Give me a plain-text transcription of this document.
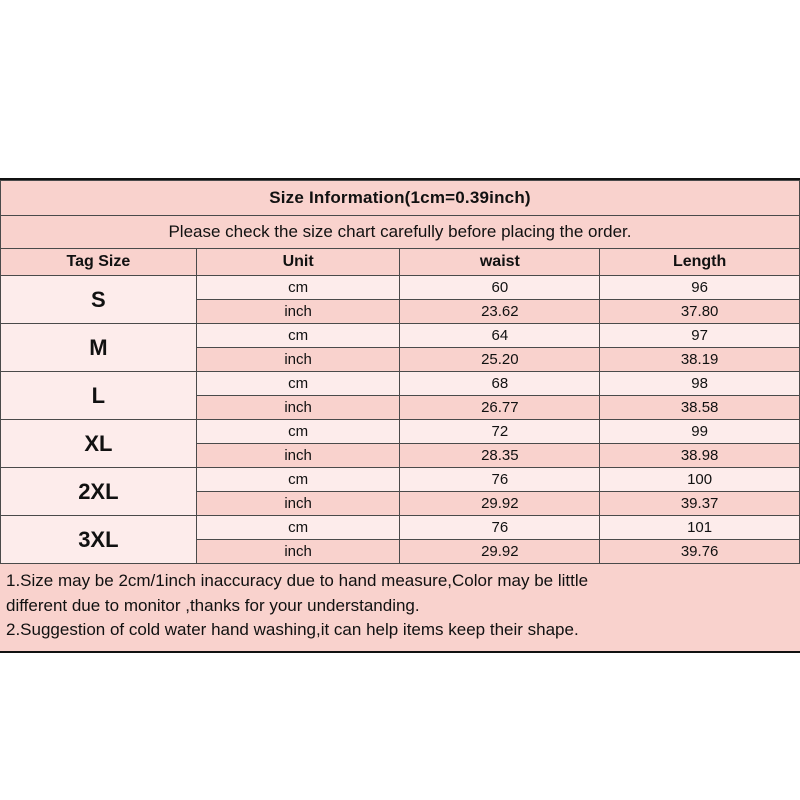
Size Information(1cm=0.39inch)			
Please check the size chart carefully before placing the order.			
Tag Size	Unit	waist	Length
S	cm	60	96
	inch	23.62	37.80
M	cm	64	97
	inch	25.20	38.19
L	cm	68	98
	inch	26.77	38.58
XL	cm	72	99
	inch	28.35	38.98
2XL	cm	76	100
	inch	29.92	39.37
3XL	cm	76	101
	inch	29.92	39.76
1.Size may be 2cm/1inch inaccuracy due to hand measure,Color may be little
different due to monitor ,thanks for your understanding.
2.Suggestion of cold water hand washing,it can help items keep their shape.
